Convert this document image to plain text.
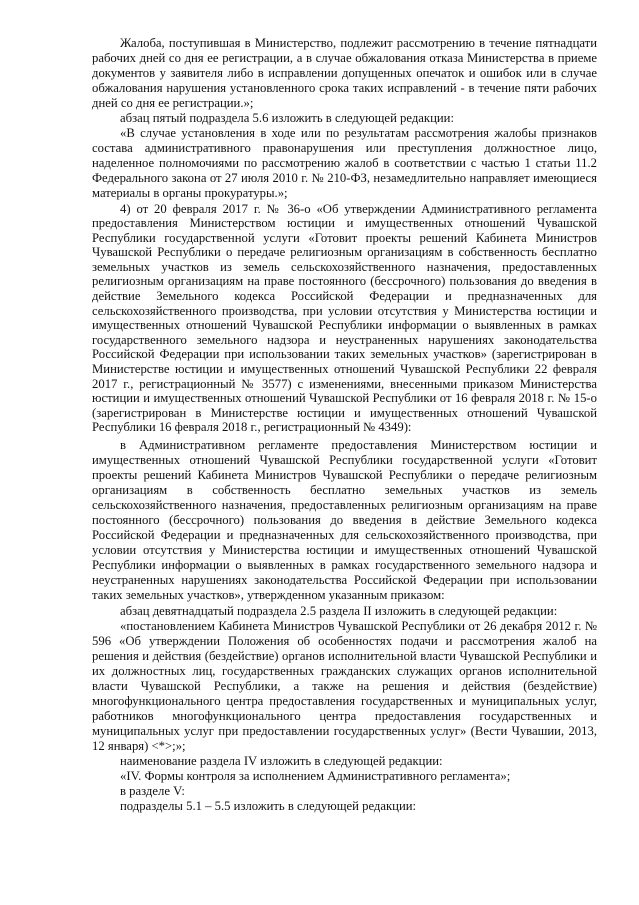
Жалоба, поступившая в Министерство, подлежит рассмотрению в течение пятнадцати рабочих дней со дня ее регистрации, а в случае обжалования отказа Министерства в приеме документов у заявителя либо в исправлении допущенных опечаток и ошибок или в случае обжалования нарушения установленного срока таких исправлений - в течение пяти рабочих дней со дня ее регистрации.»;

абзац пятый подраздела 5.6 изложить в следующей редакции:

«В случае установления в ходе или по результатам рассмотрения жалобы признаков состава административного правонарушения или преступления должностное лицо, наделенное полномочиями по рассмотрению жалоб в соответствии с частью 1 статьи 11.2 Федерального закона от 27 июля 2010 г. № 210-ФЗ, незамедлительно направляет имеющиеся материалы в органы прокуратуры.»;

4) от 20 февраля 2017 г. № 36-о «Об утверждении Административного регламента предоставления Министерством юстиции и имущественных отношений Чувашской Республики государственной услуги «Готовит проекты решений Кабинета Министров Чувашской Республики о передаче религиозным организациям в собственность бесплатно земельных участков из земель сельскохозяйственного назначения, предоставленных религиозным организациям на праве постоянного (бессрочного) пользования до введения в действие Земельного кодекса Российской Федерации и предназначенных для сельскохозяйственного производства, при условии отсутствия у Министерства юстиции и имущественных отношений Чувашской Республики информации о выявленных в рамках государственного земельного надзора и неустраненных нарушениях законодательства Российской Федерации при использовании таких земельных участков» (зарегистрирован в Министерстве юстиции и имущественных отношений Чувашской Республики 22 февраля 2017 г., регистрационный № 3577) с изменениями, внесенными приказом Министерства юстиции и имущественных отношений Чувашской Республики от 16 февраля 2018 г. № 15-о (зарегистрирован в Министерстве юстиции и имущественных отношений Чувашской Республики 16 февраля 2018 г., регистрационный № 4349):

в Административном регламенте предоставления Министерством юстиции и имущественных отношений Чувашской Республики государственной услуги «Готовит проекты решений Кабинета Министров Чувашской Республики о передаче религиозным организациям в собственность бесплатно земельных участков из земель сельскохозяйственного назначения, предоставленных религиозным организациям на праве постоянного (бессрочного) пользования до введения в действие Земельного кодекса Российской Федерации и предназначенных для сельскохозяйственного производства, при условии отсутствия у Министерства юстиции и имущественных отношений Чувашской Республики информации о выявленных в рамках государственного земельного надзора и неустраненных нарушениях законодательства Российской Федерации при использовании таких земельных участков», утвержденном указанным приказом:

абзац девятнадцатый подраздела 2.5 раздела II изложить в следующей редакции:

«постановлением Кабинета Министров Чувашской Республики от 26 декабря 2012 г. № 596 «Об утверждении Положения об особенностях подачи и рассмотрения жалоб на решения и действия (бездействие) органов исполнительной власти Чувашской Республики и их должностных лиц, государственных гражданских служащих органов исполнительной власти Чувашской Республики, а также на решения и действия (бездействие) многофункционального центра предоставления государственных и муниципальных услуг, работников многофункционального центра предоставления государственных и муниципальных услуг при предоставлении государственных услуг» (Вести Чувашии, 2013, 12 января) <*>;»;

наименование раздела IV изложить в следующей редакции:

«IV. Формы контроля за исполнением Административного регламента»;

в разделе V:

подразделы 5.1 – 5.5 изложить в следующей редакции:
